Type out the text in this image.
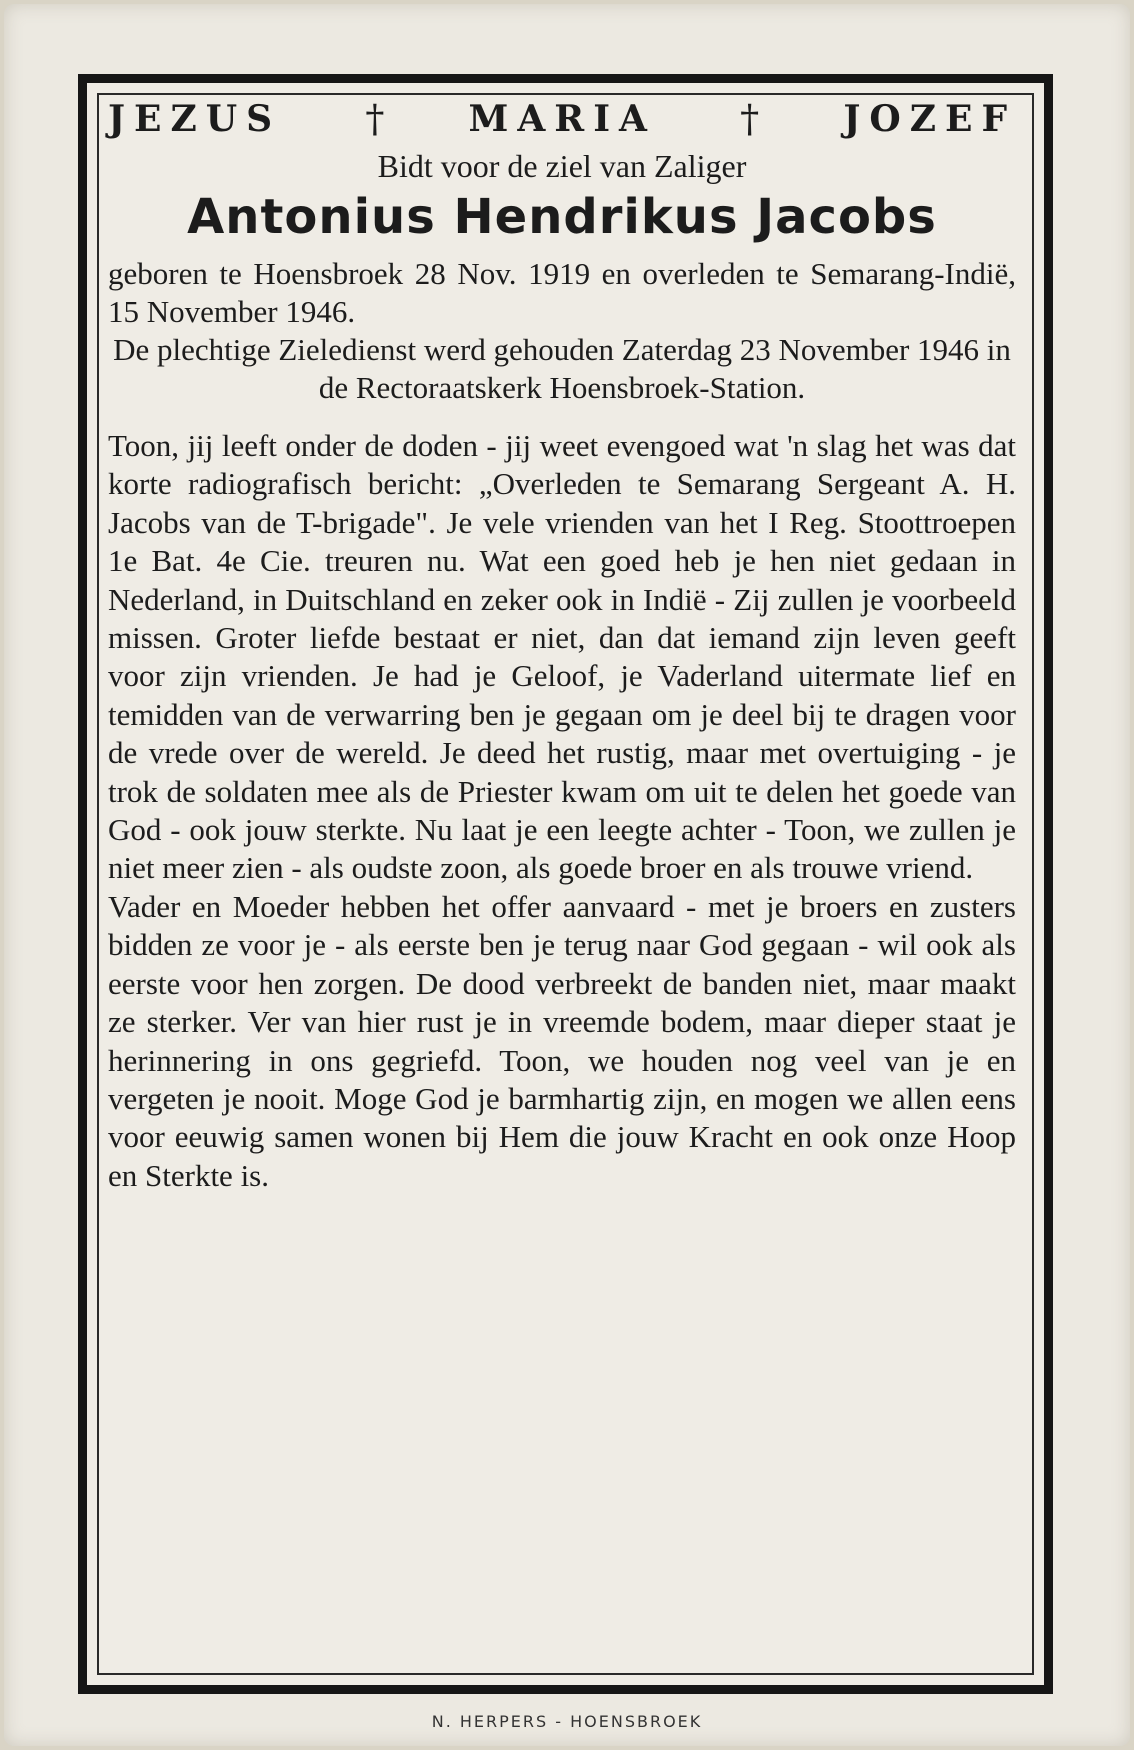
JEZUS † MARIA † JOZEF
Bidt voor de ziel van Zaliger
Antonius Hendrikus Jacobs
geboren te Hoensbroek 28 Nov. 1919 en overleden te Semarang-Indië, 15 November 1946.
De plechtige Zieledienst werd gehouden Zaterdag 23 November 1946 in de Rectoraatskerk Hoensbroek-Station.

Toon, jij leeft onder de doden - jij weet evengoed wat 'n slag het was dat korte radiografisch bericht: „Overleden te Semarang Sergeant A. H. Jacobs van de T-brigade". Je vele vrienden van het I Reg. Stoottroepen 1e Bat. 4e Cie. treuren nu. Wat een goed heb je hen niet gedaan in Nederland, in Duitschland en zeker ook in Indië - Zij zullen je voorbeeld missen. Groter liefde bestaat er niet, dan dat iemand zijn leven geeft voor zijn vrienden. Je had je Geloof, je Vaderland uitermate lief en temidden van de verwarring ben je gegaan om je deel bij te dragen voor de vrede over de wereld. Je deed het rustig, maar met overtuiging - je trok de soldaten mee als de Priester kwam om uit te delen het goede van God - ook jouw sterkte. Nu laat je een leegte achter - Toon, we zullen je niet meer zien - als oudste zoon, als goede broer en als trouwe vriend.

Vader en Moeder hebben het offer aanvaard - met je broers en zusters bidden ze voor je - als eerste ben je terug naar God gegaan - wil ook als eerste voor hen zorgen. De dood verbreekt de banden niet, maar maakt ze sterker. Ver van hier rust je in vreemde bodem, maar dieper staat je herinnering in ons gegriefd. Toon, we houden nog veel van je en vergeten je nooit. Moge God je barmhartig zijn, en mogen we allen eens voor eeuwig samen wonen bij Hem die jouw Kracht en ook onze Hoop en Sterkte is.

N. HERPERS - HOENSBROEK
